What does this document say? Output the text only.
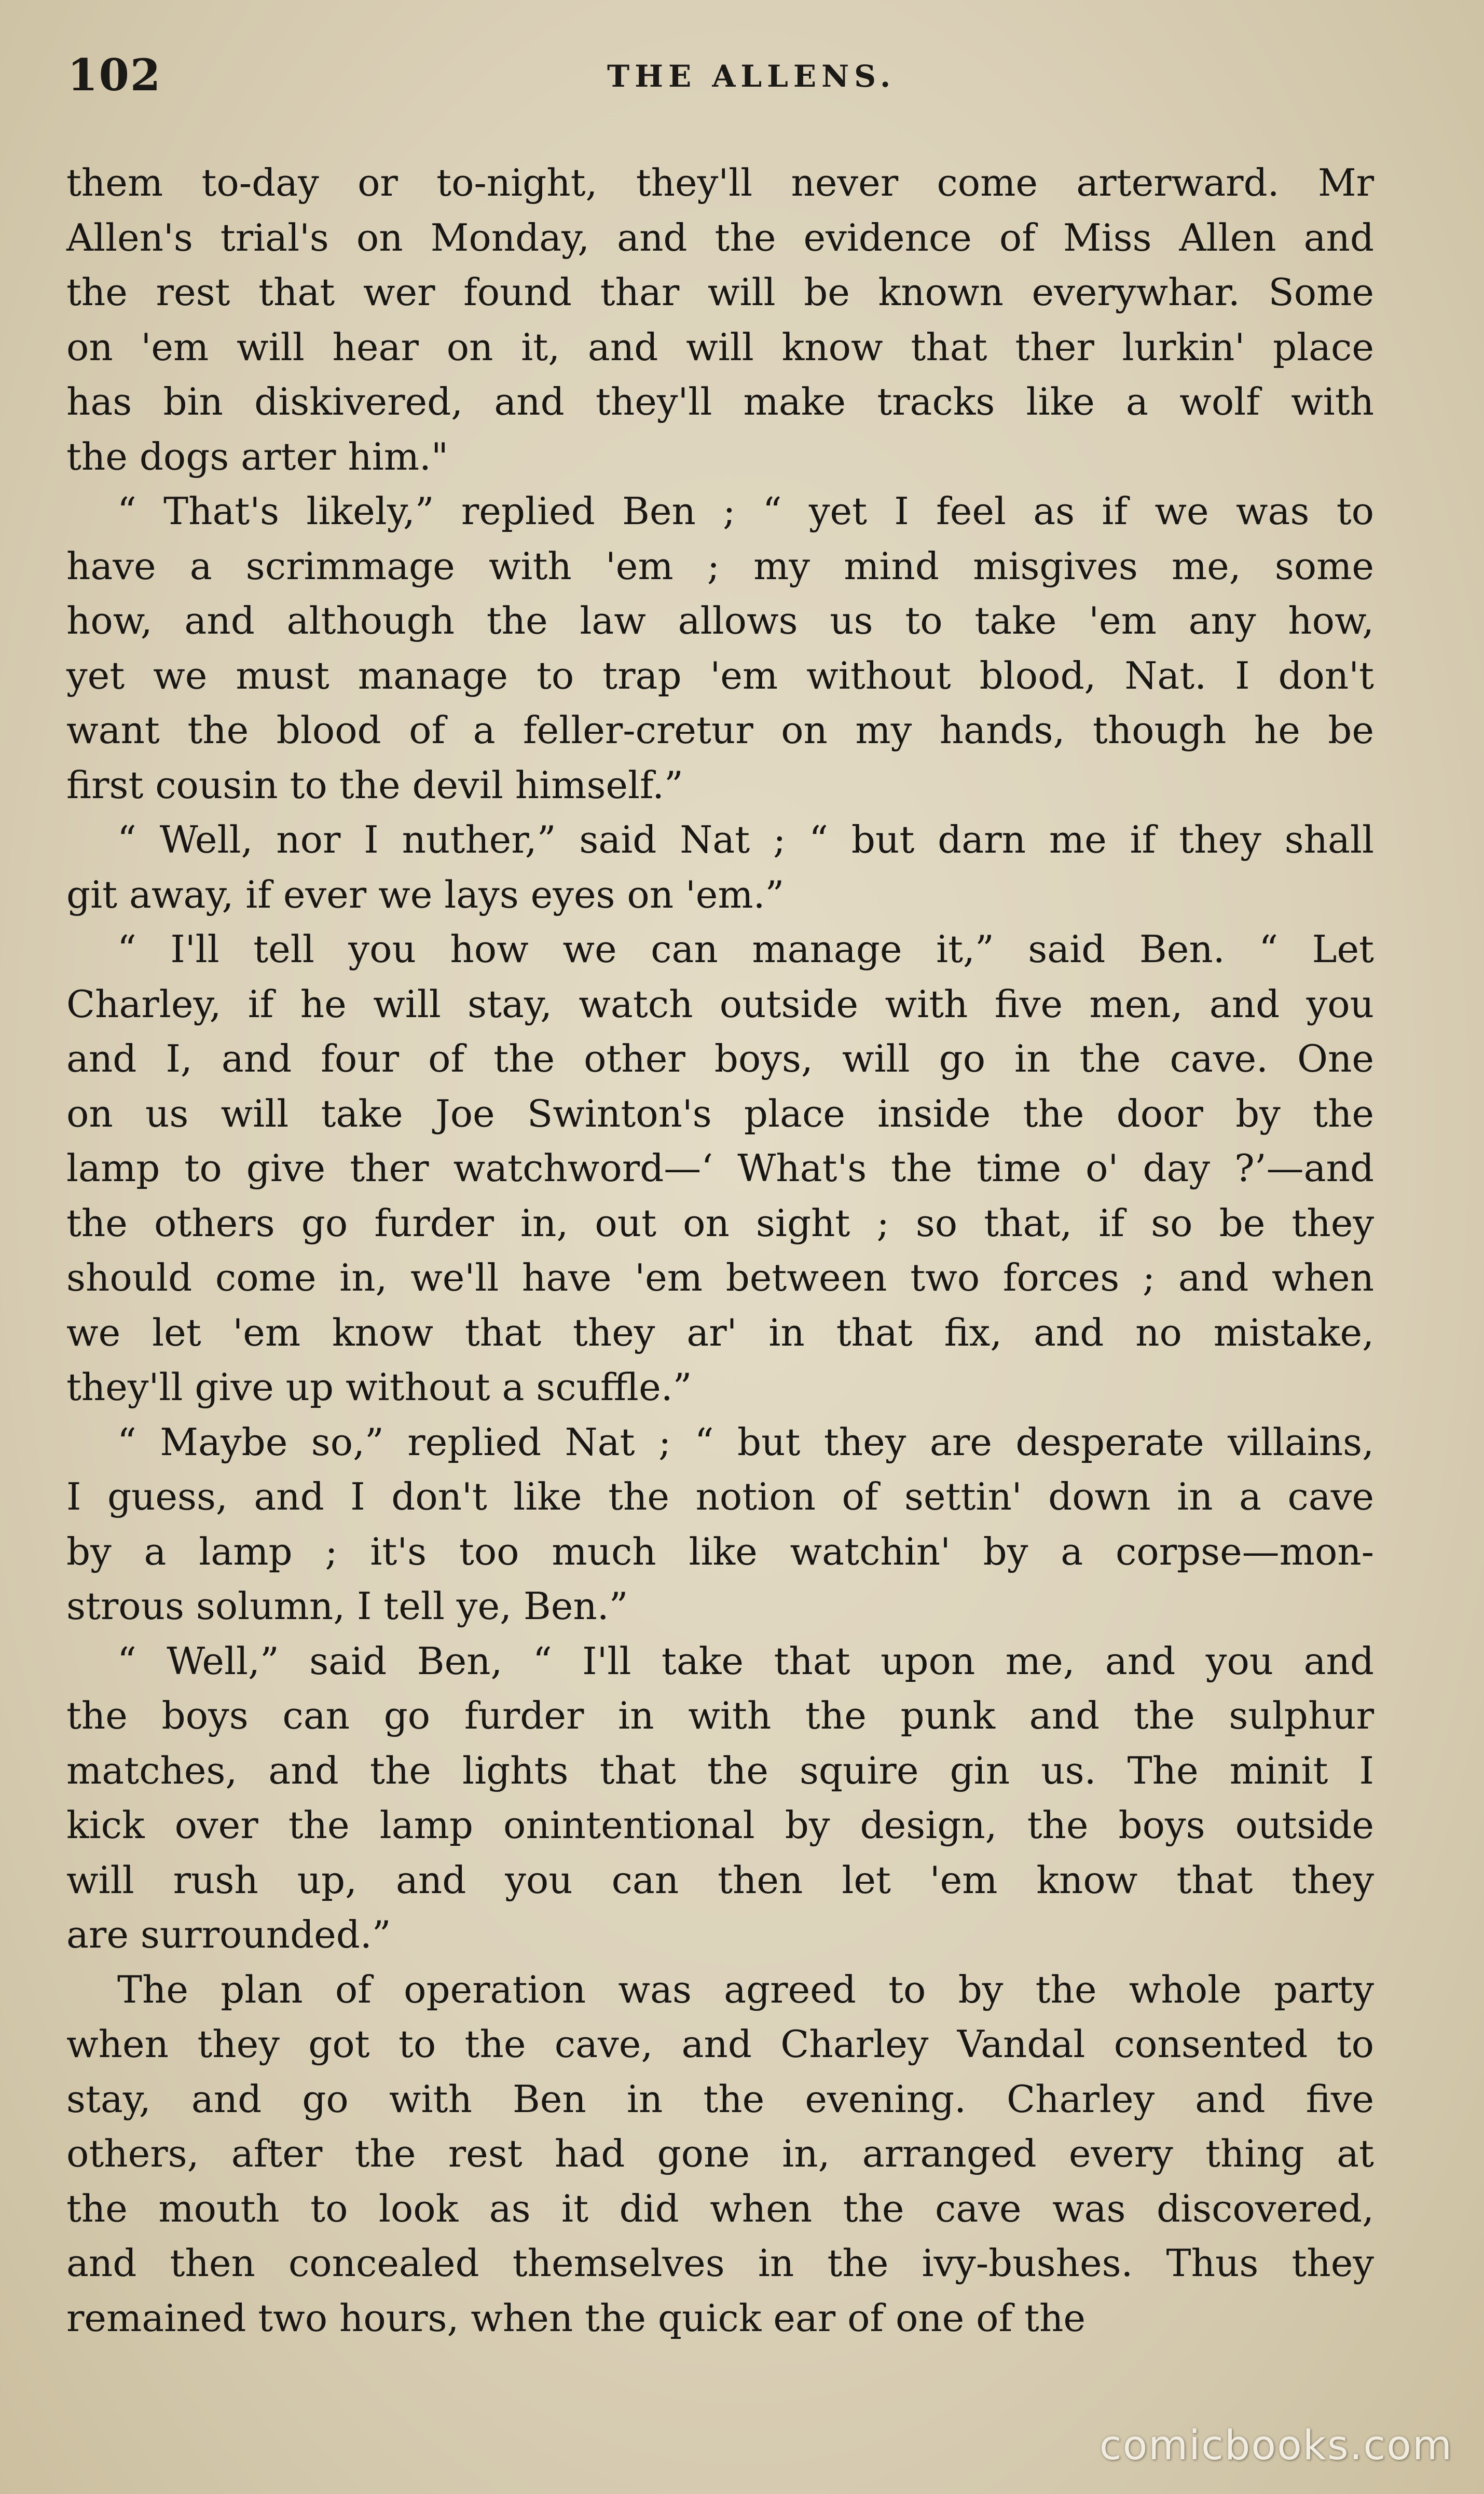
102	THE ALLENS.
them to-day or to-night, they'll never come arterward. Mr
Allen's trial's on Monday, and the evidence of Miss Allen and
the rest that wer found thar will be known everywhar. Some
on 'em will hear on it, and will know that ther lurkin' place
has bin diskivered, and they'll make tracks like a wolf with
the dogs arter him."
“ That's likely,” replied Ben ; “ yet I feel as if we was to
have a scrimmage with 'em ; my mind misgives me, some
how, and although the law allows us to take 'em any how,
yet we must manage to trap 'em without blood, Nat. I don't
want the blood of a feller-cretur on my hands, though he be
first cousin to the devil himself.”
“ Well, nor I nuther,” said Nat ; “ but darn me if they shall
git away, if ever we lays eyes on 'em.”
“ I'll tell you how we can manage it,” said Ben. “ Let
Charley, if he will stay, watch outside with five men, and you
and I, and four of the other boys, will go in the cave. One
on us will take Joe Swinton's place inside the door by the
lamp to give ther watchword—‘ What's the time o' day ?’—and
the others go furder in, out on sight ; so that, if so be they
should come in, we'll have 'em between two forces ; and when
we let 'em know that they ar' in that fix, and no mistake,
they'll give up without a scuffle.”
“ Maybe so,” replied Nat ; “ but they are desperate villains,
I guess, and I don't like the notion of settin' down in a cave
by a lamp ; it's too much like watchin' by a corpse—mon-
strous solumn, I tell ye, Ben.”
“ Well,” said Ben, “ I'll take that upon me, and you and
the boys can go furder in with the punk and the sulphur
matches, and the lights that the squire gin us. The minit I
kick over the lamp onintentional by design, the boys outside
will rush up, and you can then let 'em know that they
are surrounded.”
The plan of operation was agreed to by the whole party
when they got to the cave, and Charley Vandal consented to
stay, and go with Ben in the evening. Charley and five
others, after the rest had gone in, arranged every thing at
the mouth to look as it did when the cave was discovered,
and then concealed themselves in the ivy-bushes. Thus they
remained two hours, when the quick ear of one of the
comicbooks.com
